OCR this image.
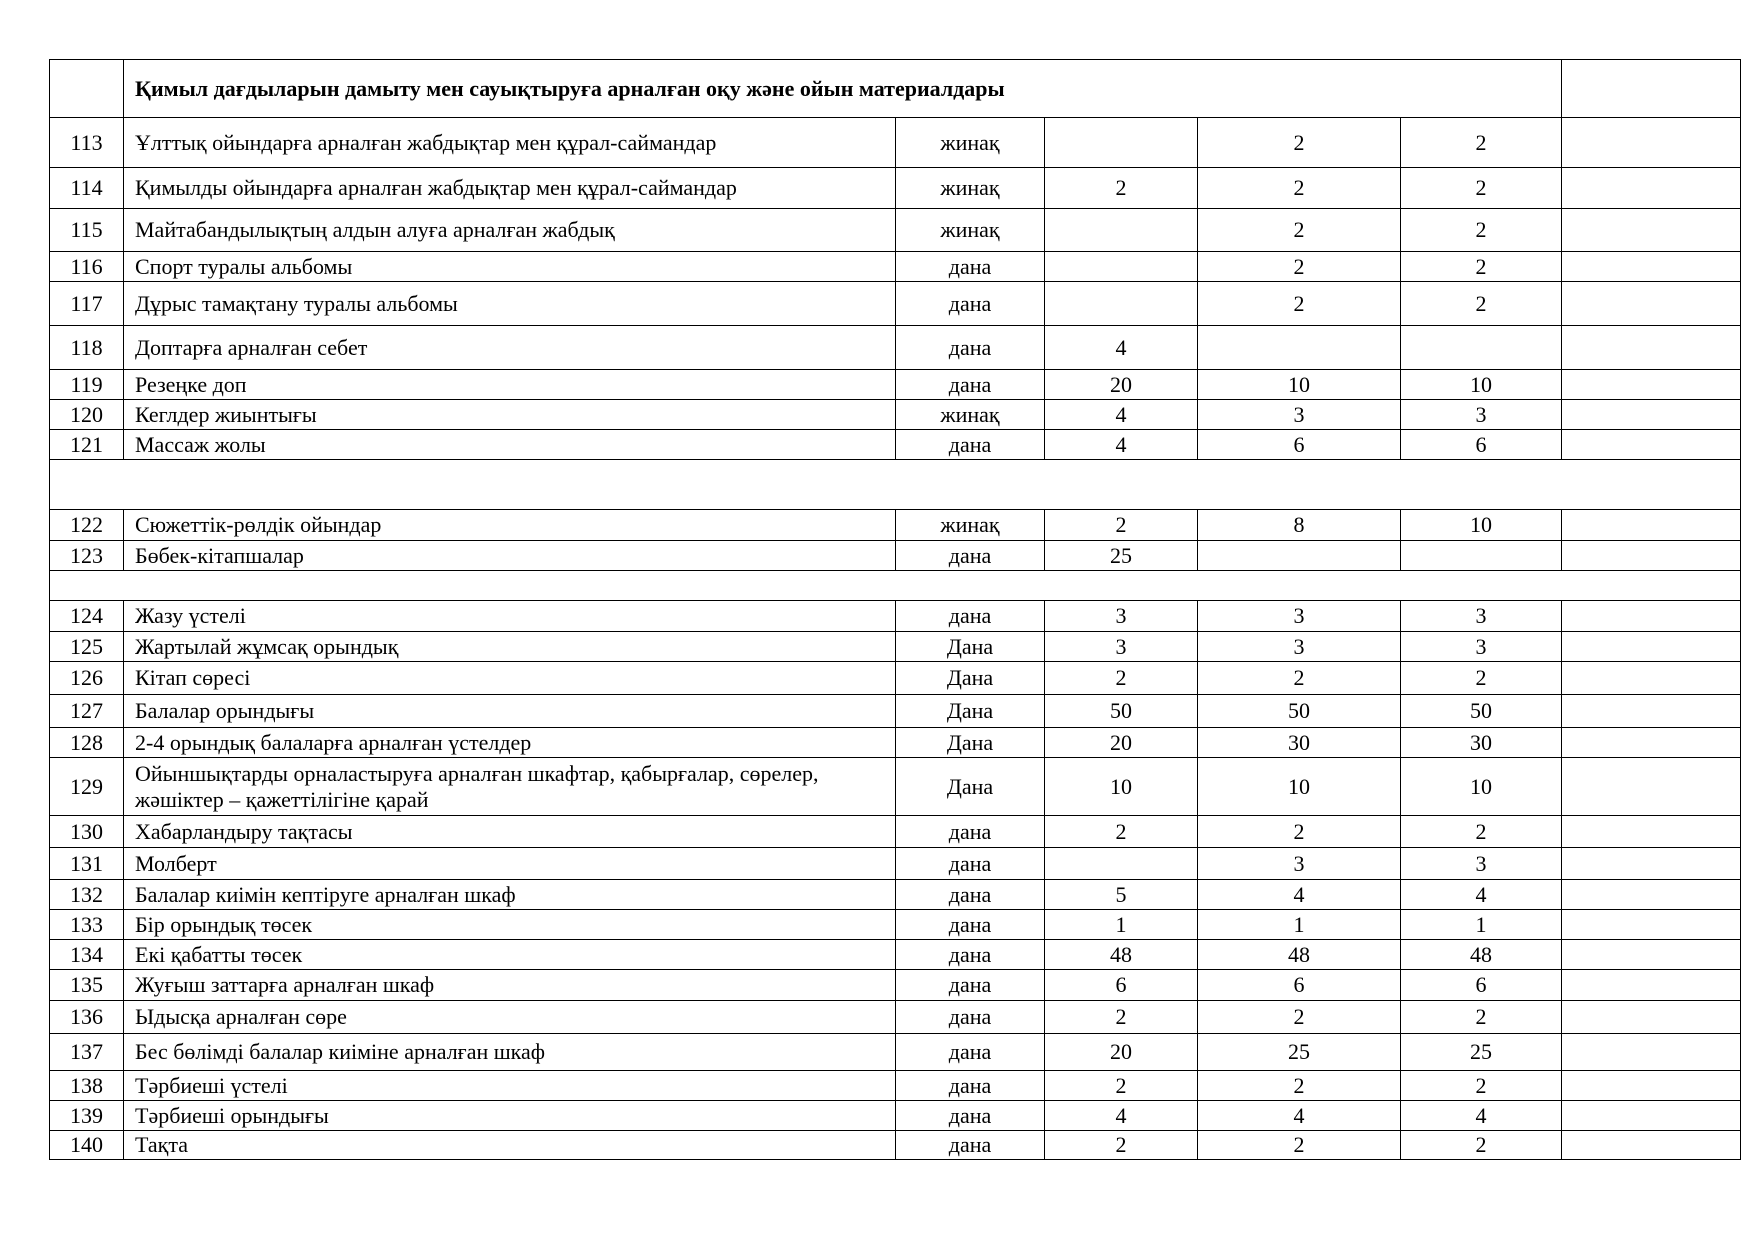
	Қимыл дағдыларын дамыту мен сауықтыруға арналған оқу және ойын материалдары					
113	Ұлттық ойындарға арналған жабдықтар мен құрал-саймандар	жинақ		2	2	
114	Қимылды ойындарға арналған жабдықтар мен құрал-саймандар	жинақ	2	2	2	
115	Майтабандылықтың алдын алуға арналған жабдық	жинақ		2	2	
116	Спорт туралы альбомы	дана		2	2	
117	Дұрыс тамақтану туралы альбомы	дана		2	2	
118	Доптарға арналған себет	дана	4			
119	Резеңке доп	дана	20	10	10	
120	Кеглдер жиынтығы	жинақ	4	3	3	
121	Массаж жолы	дана	4	6	6	

122	Сюжеттік-рөлдік ойындар	жинақ	2	8	10	
123	Бөбек-кітапшалар	дана	25			

124	Жазу үстелі	дана	3	3	3	
125	Жартылай жұмсақ орындық	Дана	3	3	3	
126	Кітап сөресі	Дана	2	2	2	
127	Балалар орындығы	Дана	50	50	50	
128	2-4 орындық балаларға арналған үстелдер	Дана	20	30	30	
129	Ойыншықтарды орналастыруға арналған шкафтар, қабырғалар, сөрелер, жәшіктер – қажеттілігіне қарай	Дана	10	10	10	
130	Хабарландыру тақтасы	дана	2	2	2	
131	Молберт	дана		3	3	
132	Балалар киімін кептіруге арналған шкаф	дана	5	4	4	
133	Бір орындық төсек	дана	1	1	1	
134	Екі қабатты төсек	дана	48	48	48	
135	Жуғыш заттарға арналған шкаф	дана	6	6	6	
136	Ыдысқа арналған сөре	дана	2	2	2	
137	Бес бөлімді балалар киіміне арналған шкаф	дана	20	25	25	
138	Тәрбиеші үстелі	дана	2	2	2	
139	Тәрбиеші орындығы	дана	4	4	4	
140	Тақта	дана	2	2	2	
